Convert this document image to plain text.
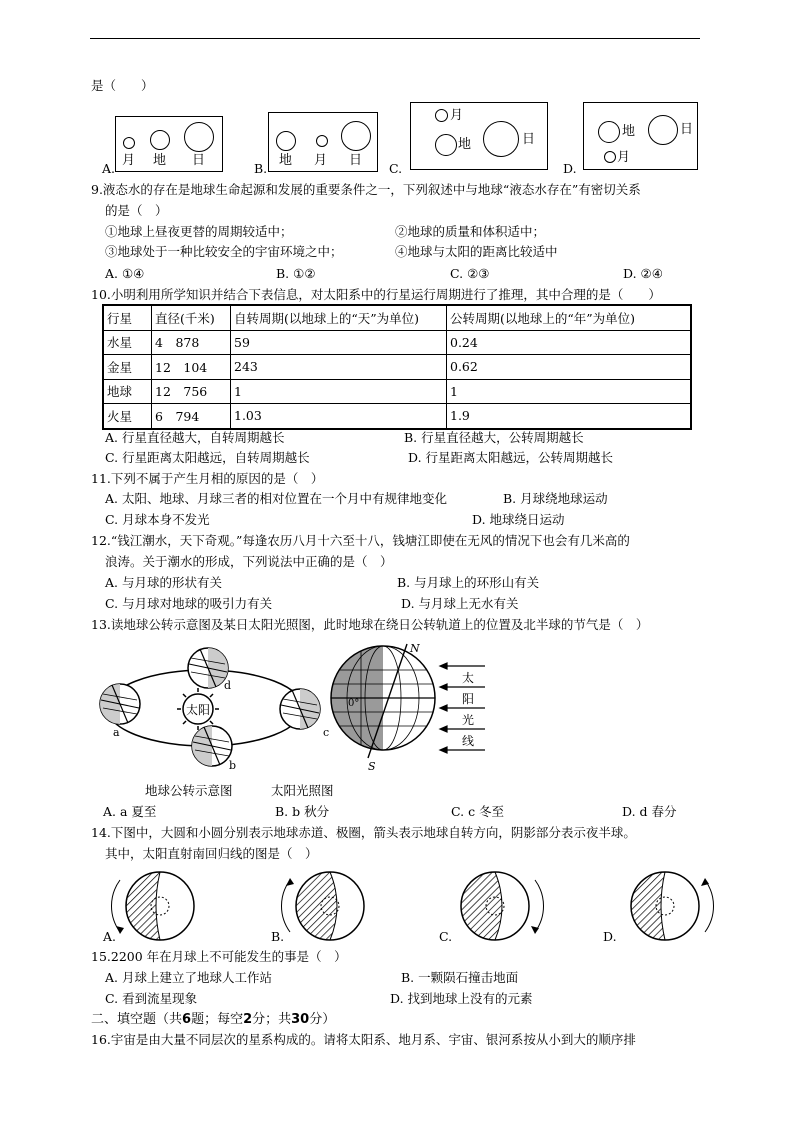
是（　　）
A.
月 地 日
B.
地 月 日
C.
月
地	日
D.
地
月
日
9.液态水的存在是地球生命起源和发展的重要条件之一，下列叙述中与地球“液态水存在”有密切关系
的是（　）
①地球上昼夜更替的周期较适中；	②地球的质量和体积适中；
③地球处于一种比较安全的宇宙环境之中；	④地球与太阳的距离比较适中
A. ①④	B. ①②	C. ②③	D. ②④
10.小明利用所学知识并结合下表信息，对太阳系中的行星运行周期进行了推理，其中合理的是（　　）
行星	直径(千米)	自转周期(以地球上的“天”为单位)	公转周期(以地球上的“年”为单位)
水星	4　878	59	0.24
金星	12　104	243	0.62
地球	12　756	1	1
火星	6　794	1.03	1.9
A. 行星直径越大，自转周期越长	B. 行星直径越大，公转周期越长
C. 行星距离太阳越远，自转周期越长	D. 行星距离太阳越远，公转周期越长
11.下列不属于产生月相的原因的是（　）
A. 太阳、地球、月球三者的相对位置在一个月中有规律地变化	B. 月球绕地球运动
C. 月球本身不发光	D. 地球绕日运动
12.“钱江潮水，天下奇观。”每逢农历八月十六至十八，钱塘江即使在无风的情况下也会有几米高的
浪涛。关于潮水的形成，下列说法中正确的是（　）
A. 与月球的形状有关	B. 与月球上的环形山有关
C. 与月球对地球的吸引力有关	D. 与月球上无水有关
13.读地球公转示意图及某日太阳光照图，此时地球在绕日公转轨道上的位置及北半球的节气是（　）
太阳
a
b
c
d
N
S
0°
太
阳
光
线
地球公转示意图	太阳光照图
A. a 夏至	B. b 秋分	C. c 冬至	D. d 春分
14.下图中，大圆和小圆分别表示地球赤道、极圈，箭头表示地球自转方向，阴影部分表示夜半球。
其中，太阳直射南回归线的图是（　）
A.	B.	C.	D.
15.2200 年在月球上不可能发生的事是（　）
A. 月球上建立了地球人工作站	B. 一颗陨石撞击地面
C. 看到流星现象	D. 找到地球上没有的元素
二、填空题（共6题；每空2分；共30分）
16.宇宙是由大量不同层次的星系构成的。请将太阳系、地月系、宇宙、银河系按从小到大的顺序排
